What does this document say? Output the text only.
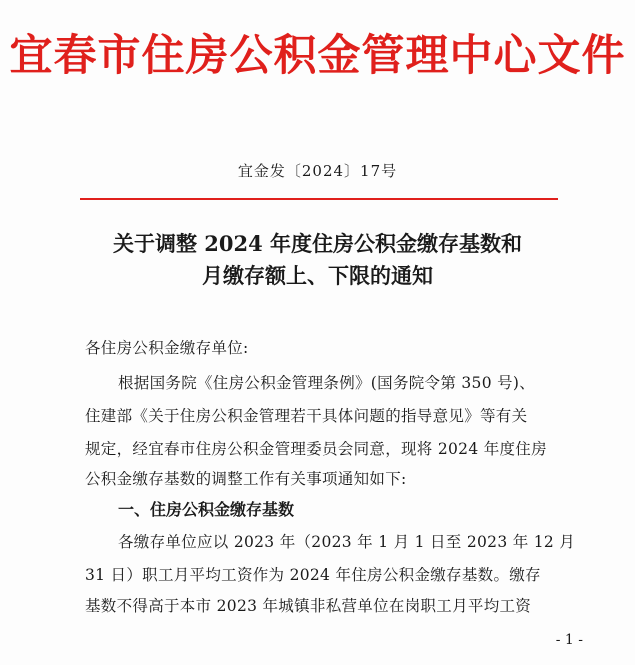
宜春市住房公积金管理中心文件
宜金发〔2024〕17号
关于调整 2024 年度住房公积金缴存基数和
月缴存额上、下限的通知
各住房公积金缴存单位:
根据国务院《住房公积金管理条例》(国务院令第 350 号)、
住建部《关于住房公积金管理若干具体问题的指导意见》等有关
规定，经宜春市住房公积金管理委员会同意，现将 2024 年度住房
公积金缴存基数的调整工作有关事项通知如下:
一、住房公积金缴存基数
各缴存单位应以 2023 年（2023 年 1 月 1 日至 2023 年 12 月
31 日）职工月平均工资作为 2024 年住房公积金缴存基数。缴存
基数不得高于本市 2023 年城镇非私营单位在岗职工月平均工资
- 1 -
